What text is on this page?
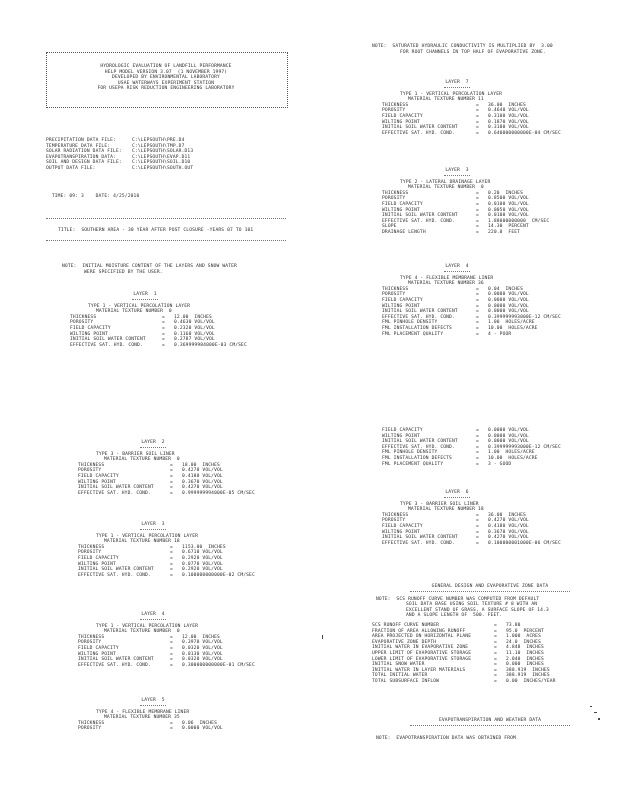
HYDROLOGIC EVALUATION OF LANDFILL PERFORMANCE
HELP MODEL VERSION 3.07  (1 NOVEMBER 1997)
DEVELOPED BY ENVIRONMENTAL LABORATORY
USAE WATERWAYS EXPERIMENT STATION
FOR USEPA RISK REDUCTION ENGINEERING LABORATORY
PRECIPITATION DATA FILE:	C:\LEPSOUTH\PRE.D4
TEMPERATURE DATA FILE:	C:\LEPSOUTH\TMP.D7
SOLAR RADIATION DATA FILE: C:\LEPSOUTH\SOLAR.D13
EVAPOTRANSPIRATION DATA:	C:\LEPSOUTH\EVAP.D11
SOIL AND DESIGN DATA FILE: C:\LEPSOUTH\SOIL.D10
OUTPUT DATA FILE:	C:\LEPSOUTH\SOUTH.OUT

TIME: 09: 3	DATE: 4/25/2010

TITLE:  SOUTHERN AREA - 30 YEAR AFTER POST CLOSURE -YEARS 07 TO 101
NOTE:  INITIAL MOISTURE CONTENT OF THE LAYERS AND SNOW WATER
WERE SPECIFIED BY THE USER.
LAYER  1
TYPE 1 - VERTICAL PERCOLATION LAYER
MATERIAL TEXTURE NUMBER  0
THICKNESS	= 12.00  INCHES
POROSITY	= 0.4630 VOL/VOL
FIELD CAPACITY	= 0.2320 VOL/VOL
WILTING POINT	= 0.1160 VOL/VOL
INITIAL SOIL WATER CONTENT	= 0.2787 VOL/VOL
EFFECTIVE SAT. HYD. COND.	= 0.369999984000E-03 CM/SEC
LAYER  2
TYPE 3 - BARRIER SOIL LINER
MATERIAL TEXTURE NUMBER  0
THICKNESS	= 18.00  INCHES
POROSITY	= 0.4270 VOL/VOL
FIELD CAPACITY	= 0.4180 VOL/VOL
WILTING POINT	= 0.3670 VOL/VOL
INITIAL SOIL WATER CONTENT	= 0.4270 VOL/VOL
EFFECTIVE SAT. HYD. COND.	= 0.999999994000E-05 CM/SEC
LAYER  3
TYPE 1 - VERTICAL PERCOLATION LAYER
MATERIAL TEXTURE NUMBER 18
THICKNESS	= 1153.00  INCHES
POROSITY	= 0.6710 VOL/VOL
FIELD CAPACITY	= 0.2920 VOL/VOL
WILTING POINT	= 0.0770 VOL/VOL
INITIAL SOIL WATER CONTENT	= 0.2920 VOL/VOL
EFFECTIVE SAT. HYD. COND.	= 0.100000000000E-02 CM/SEC
LAYER  4
TYPE 1 - VERTICAL PERCOLATION LAYER
MATERIAL TEXTURE NUMBER  0
THICKNESS	= 12.00  INCHES
POROSITY	= 0.3970 VOL/VOL
FIELD CAPACITY	= 0.0320 VOL/VOL
WILTING POINT	= 0.0130 VOL/VOL
INITIAL SOIL WATER CONTENT	= 0.0320 VOL/VOL
EFFECTIVE SAT. HYD. COND.	= 0.300000000000E-01 CM/SEC
LAYER  5
TYPE 4 - FLEXIBLE MEMBRANE LINER
MATERIAL TEXTURE NUMBER 35
THICKNESS	= 0.06  INCHES
POROSITY	= 0.0000 VOL/VOL
NOTE:  SATURATED HYDRAULIC CONDUCTIVITY IS MULTIPLIED BY  3.00
FOR ROOT CHANNELS IN TOP HALF OF EVAPORATIVE ZONE.
LAYER  7
TYPE 1 - VERTICAL PERCOLATION LAYER
MATERIAL TEXTURE NUMBER 11
THICKNESS	= 36.00  INCHES
POROSITY	= 0.4640 VOL/VOL
FIELD CAPACITY	= 0.3100 VOL/VOL
WILTING POINT	= 0.1870 VOL/VOL
INITIAL SOIL WATER CONTENT	= 0.3100 VOL/VOL
EFFECTIVE SAT. HYD. COND.	= 0.640000000000E-04 CM/SEC
LAYER  3
TYPE 2 - LATERAL DRAINAGE LAYER
MATERIAL TEXTURE NUMBER  0
THICKNESS	= 0.20  INCHES
POROSITY	= 0.8500 VOL/VOL
FIELD CAPACITY	= 0.0100 VOL/VOL
WILTING POINT	= 0.0050 VOL/VOL
INITIAL SOIL WATER CONTENT	= 0.0100 VOL/VOL
EFFECTIVE SAT. HYD. COND.	= 1.88000000000  CM/SEC
SLOPE	= 14.30  PERCENT
DRAINAGE LENGTH	= 220.0  FEET
LAYER  4
TYPE 4 - FLEXIBLE MEMBRANE LINER
MATERIAL TEXTURE NUMBER 36
THICKNESS	= 0.04  INCHES
POROSITY	= 0.0000 VOL/VOL
FIELD CAPACITY	= 0.0000 VOL/VOL
WILTING POINT	= 0.0000 VOL/VOL
INITIAL SOIL WATER CONTENT	= 0.0000 VOL/VOL
EFFECTIVE SAT. HYD. COND.	= 0.399999993000E-12 CM/SEC
FML PINHOLE DENSITY	= 1.00  HOLES/ACRE
FML INSTALLATION DEFECTS	= 10.00  HOLES/ACRE
FML PLACEMENT QUALITY	= 4 - POOR
FIELD CAPACITY	= 0.0000 VOL/VOL
WILTING POINT	= 0.0000 VOL/VOL
INITIAL SOIL WATER CONTENT	= 0.0000 VOL/VOL
EFFECTIVE SAT. HYD. COND.	= 0.399999993000E-12 CM/SEC
FML PINHOLE DENSITY	= 1.00  HOLES/ACRE
FML INSTALLATION DEFECTS	= 10.00  HOLES/ACRE
FML PLACEMENT QUALITY	= 3 - GOOD
LAYER  6
TYPE 3 - BARRIER SOIL LINER
MATERIAL TEXTURE NUMBER 18
THICKNESS	= 36.00  INCHES
POROSITY	= 0.4270 VOL/VOL
FIELD CAPACITY	= 0.4180 VOL/VOL
WILTING POINT	= 0.3670 VOL/VOL
INITIAL SOIL WATER CONTENT	= 0.4270 VOL/VOL
EFFECTIVE SAT. HYD. COND.	= 0.100000001000E-06 CM/SEC
GENERAL DESIGN AND EVAPORATIVE ZONE DATA
NOTE:  SCS RUNOFF CURVE NUMBER WAS COMPUTED FROM DEFAULT
SOIL DATA BASE USING SOIL TEXTURE # 8 WITH AN
EXCELLENT STAND OF GRASS, A SURFACE SLOPE OF 14.3
AND A SLOPE LENGTH OF  500. FEET.
SCS RUNOFF CURVE NUMBER	= 73.80
FRACTION OF AREA ALLOWING RUNOFF	= 95.0  PERCENT
AREA PROJECTED ON HORIZONTAL PLANE	= 1.000  ACRES
EVAPORATIVE ZONE DEPTH	= 24.0  INCHES
INITIAL WATER IN EVAPORATIVE ZONE	= 4.848  INCHES
UPPER LIMIT OF EVAPORATIVE STORAGE	= 11.10  INCHES
LOWER LIMIT OF EVAPORATIVE STORAGE	= 2.040  INCHES
INITIAL SNOW WATER	= 0.000  INCHES
INITIAL WATER IN LAYER MATERIALS	= 388.919  INCHES
TOTAL INITIAL WATER	= 388.919  INCHES
TOTAL SUBSURFACE INFLOW	= 0.00  INCHES/YEAR
EVAPOTRANSPIRATION AND WEATHER DATA
NOTE:  EVAPOTRANSPIRATION DATA WAS OBTAINED FROM
